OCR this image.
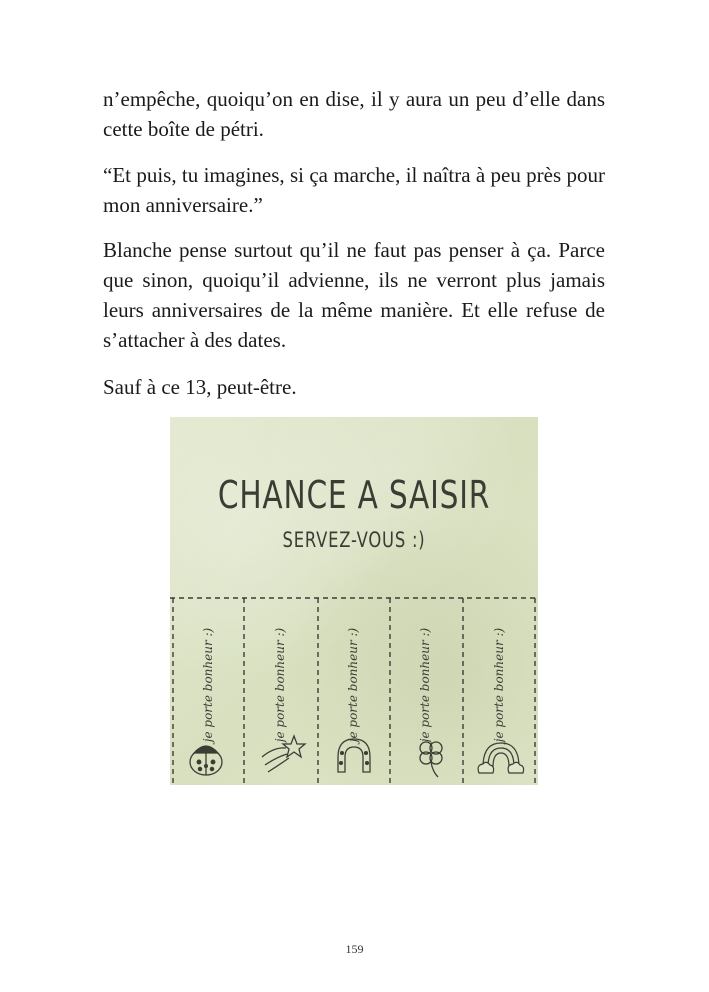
n’empêche, quoiqu’on en dise, il y aura un peu d’elle dans cette boîte de pétri.

“Et puis, tu imagines, si ça marche, il naîtra à peu près pour mon anniversaire.”

Blanche pense surtout qu’il ne faut pas penser à ça. Parce que sinon, quoiqu’il advienne, ils ne verront plus jamais leurs anniversaires de la même manière. Et elle refuse de s’attacher à des dates.

Sauf à ce 13, peut-être.

CHANCE A SAISIR
SERVEZ-VOUS :)
je porte bonheur :)	je porte bonheur :)	je porte bonheur :)	je porte bonheur :)	je porte bonheur :)
159
